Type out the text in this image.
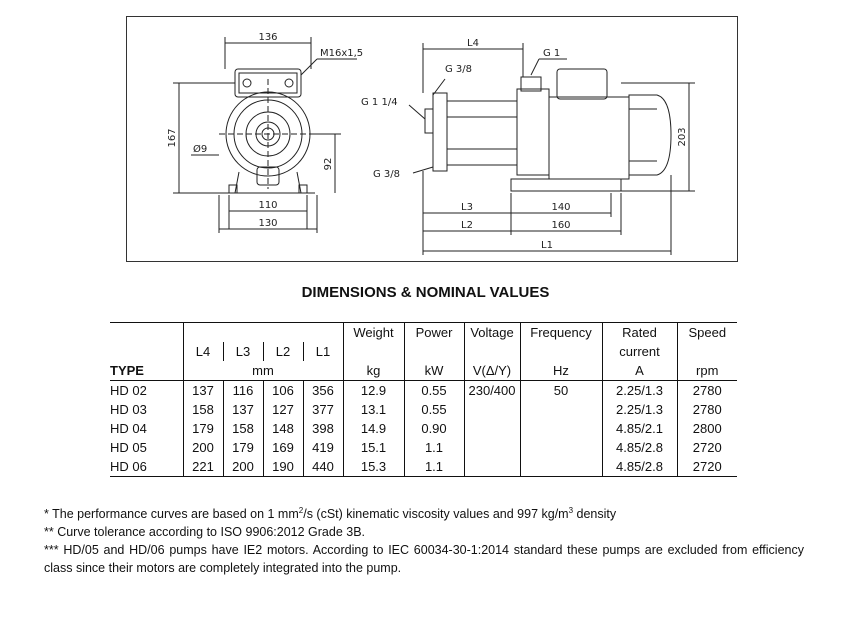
136
M16x1,5
167
Ø9
92
110
130
L4
G 1
G 3/8
G 1 1/4
G 3/8
203
L3	140
L2	160
L1
DIMENSIONS & NOMINAL VALUES
					Weight	Power	Voltage	Frequency	Rated	Speed
	L4	L3	L2	L1					current	
TYPE	mm				kg	kW	V(Δ/Y)	Hz	A	rpm
HD 02	137	116	106	356	12.9	0.55	230/400	50	2.25/1.3	2780
HD 03	158	137	127	377	13.1	0.55			2.25/1.3	2780
HD 04	179	158	148	398	14.9	0.90			4.85/2.1	2800
HD 05	200	179	169	419	15.1	1.1			4.85/2.8	2720
HD 06	221	200	190	440	15.3	1.1			4.85/2.8	2720
* The performance curves are based on 1 $mm^2/s$ (cSt) kinematic viscosity values and 997 $kg/m^3$ density
** Curve tolerance according to ISO 9906:2012 Grade 3B.
*** HD/05 and HD/06 pumps have IE2 motors. According to IEC 60034-30-1:2014 standard these pumps are excluded from efficiency class since their motors are completely integrated into the pump.
